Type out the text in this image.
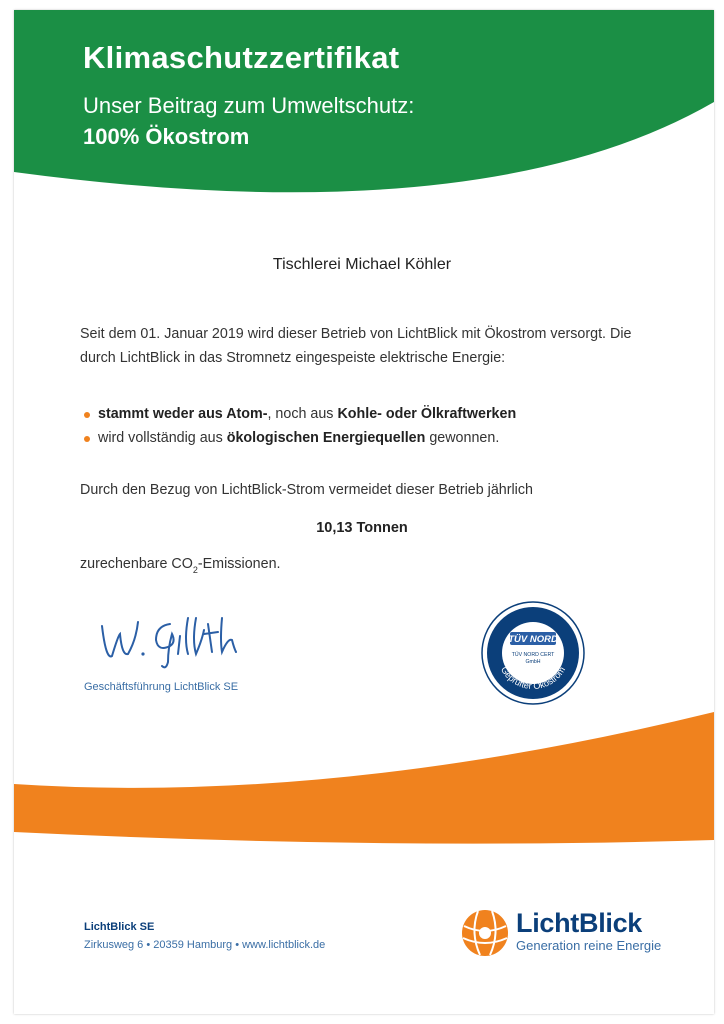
Klimaschutzzertifikat
Unser Beitrag zum Umweltschutz:
100% Ökostrom
Tischlerei Michael Köhler
Seit dem 01. Januar 2019 wird dieser Betrieb von LichtBlick mit Ökostrom versorgt. Die durch LichtBlick in das Stromnetz eingespeiste elektrische Energie:
stammt weder aus Atom-, noch aus Kohle- oder Ölkraftwerken
wird vollständig aus ökologischen Energiequellen gewonnen.
Durch den Bezug von LichtBlick-Strom vermeidet dieser Betrieb jährlich
10,13 Tonnen
zurechenbare $CO_2$-Emissionen.
Geschäftsführung LichtBlick SE
TÜV NORD
TÜV NORD CERT
GmbH
Geprüfter Ökostrom
LichtBlick SE
Zirkusweg 6 • 20359 Hamburg • www.lichtblick.de
LichtBlick
Generation reine Energie
